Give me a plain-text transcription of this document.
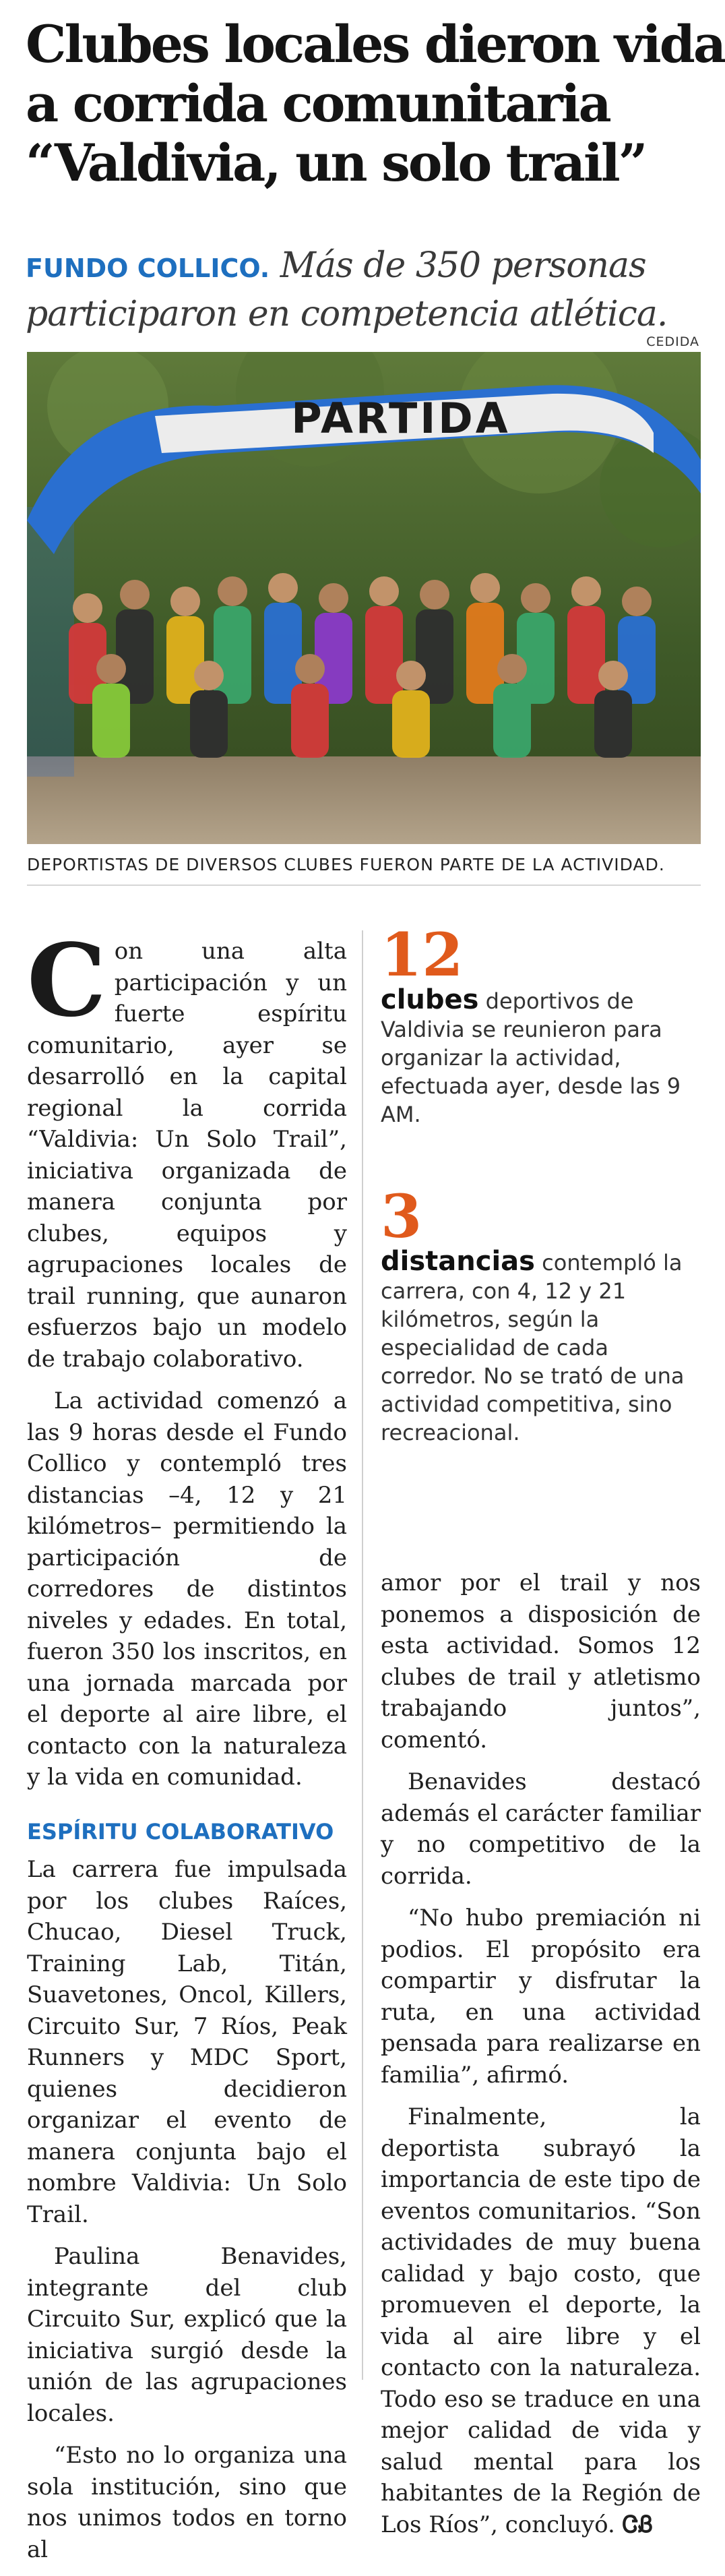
Clubes locales dieron vida
a corrida comunitaria
“Valdivia, un solo trail”
FUNDO COLLICO. Más de 350 personas participaron en competencia atlética.
CEDIDA
PARTIDA
DEPORTISTAS DE DIVERSOS CLUBES FUERON PARTE DE LA ACTIVIDAD.

Con una alta participación y un fuerte espíritu comunitario, ayer se desarrolló en la capital regional la corrida “Valdivia: Un Solo Trail”, iniciativa organizada de manera conjunta por clubes, equipos y agrupaciones locales de trail running, que aunaron esfuerzos bajo un modelo de trabajo colaborativo.

La actividad comenzó a las 9 horas desde el Fundo Collico y contempló tres distancias –4, 12 y 21 kilómetros– permitiendo la participación de corredores de distintos niveles y edades. En total, fueron 350 los inscritos, en una jornada marcada por el deporte al aire libre, el contacto con la naturaleza y la vida en comunidad.

ESPÍRITU COLABORATIVO

La carrera fue impulsada por los clubes Raíces, Chucao, Diesel Truck, Training Lab, Titán, Suavetones, Oncol, Killers, Circuito Sur, 7 Ríos, Peak Runners y MDC Sport, quienes decidieron organizar el evento de manera conjunta bajo el nombre Valdivia: Un Solo Trail.

Paulina Benavides, integrante del club Circuito Sur, explicó que la iniciativa surgió desde la unión de las agrupaciones locales.

“Esto no lo organiza una sola institución, sino que nos unimos todos en torno al

12
clubes deportivos de Valdivia se reunieron para organizar la actividad, efectuada ayer, desde las 9 AM.
3
distancias contempló la carrera, con 4, 12 y 21 kilómetros, según la especialidad de cada corredor. No se trató de una actividad competitiva, sino recreacional.

amor por el trail y nos ponemos a disposición de esta actividad. Somos 12 clubes de trail y atletismo trabajando juntos”, comentó.

Benavides destacó además el carácter familiar y no competitivo de la corrida.

“No hubo premiación ni podios. El propósito era compartir y disfrutar la ruta, en una actividad pensada para realizarse en familia”, afirmó.

Finalmente, la deportista subrayó la importancia de este tipo de eventos comunitarios. “Son actividades de muy buena calidad y bajo costo, que promueven el deporte, la vida al aire libre y el contacto con la naturaleza. Todo eso se traduce en una mejor calidad de vida y salud mental para los habitantes de la Región de Los Ríos”, concluyó. ᏣᏰ
